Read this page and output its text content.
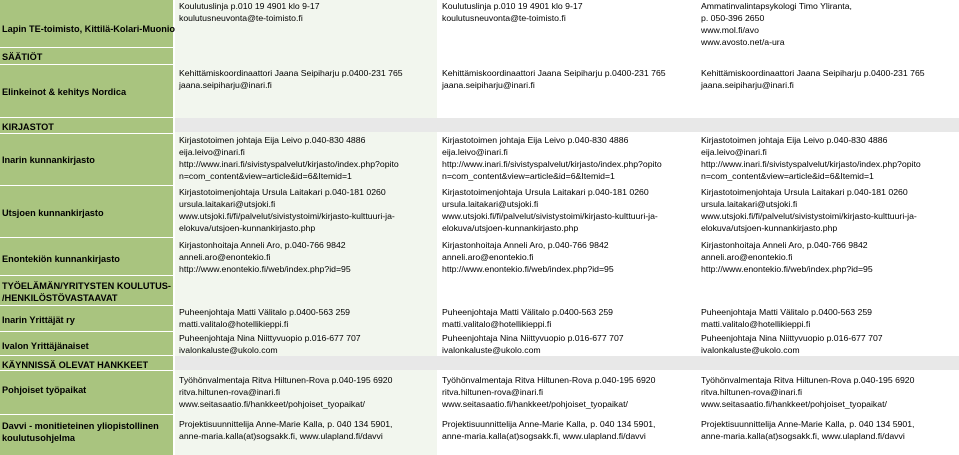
Lapin TE-toimisto, Kittilä-Kolari-Muonio
SÄÄTIÖT
Elinkeinot & kehitys Nordica
KIRJASTOT
Inarin kunnankirjasto
Utsjoen kunnankirjasto
Enontekiön kunnankirjasto
TYÖELÄMÄN/YRITYSTEN KOULUTUS-
/HENKILÖSTÖVASTAAVAT
Inarin Yrittäjät ry
Ivalon Yrittäjänaiset
KÄYNNISSÄ OLEVAT HANKKEET
Pohjoiset työpaikat
Davvi - monitieteinen yliopistollinen
koulutusohjelma
Koulutuslinja p.010 19 4901 klo 9-17
koulutusneuvonta@te-toimisto.fi
Kehittämiskoordinaattori Jaana Seipiharju p.0400-231 765
jaana.seipiharju@inari.fi
Kirjastotoimen johtaja Eija Leivo p.040-830 4886
eija.leivo@inari.fi
http://www.inari.fi/sivistyspalvelut/kirjasto/index.php?opito
n=com_content&view=article&id=6&Itemid=1
Kirjastotoimenjohtaja Ursula Laitakari p.040-181 0260
ursula.laitakari@utsjoki.fi
www.utsjoki.fi/fi/palvelut/sivistystoimi/kirjasto-kulttuuri-ja-
elokuva/utsjoen-kunnankirjasto.php
Kirjastonhoitaja Anneli Aro, p.040-766 9842
anneli.aro@enontekio.fi
http://www.enontekio.fi/web/index.php?id=95
Puheenjohtaja Matti Välitalo p.0400-563 259
matti.valitalo@hotellikieppi.fi
Puheenjohtaja Nina Niittyvuopio p.016-677 707
ivalonkaluste@ukolo.com
Työhönvalmentaja Ritva Hiltunen-Rova p.040-195 6920
ritva.hiltunen-rova@inari.fi
www.seitasaatio.fi/hankkeet/pohjoiset_tyopaikat/
Projektisuunnittelija Anne-Marie Kalla, p. 040 134 5901,
anne-maria.kalla(at)sogsakk.fi, www.ulapland.fi/davvi
Koulutuslinja p.010 19 4901 klo 9-17
koulutusneuvonta@te-toimisto.fi
Kehittämiskoordinaattori Jaana Seipiharju p.0400-231 765
jaana.seipiharju@inari.fi
Kirjastotoimen johtaja Eija Leivo p.040-830 4886
eija.leivo@inari.fi
http://www.inari.fi/sivistyspalvelut/kirjasto/index.php?opito
n=com_content&view=article&id=6&Itemid=1
Kirjastotoimenjohtaja Ursula Laitakari p.040-181 0260
ursula.laitakari@utsjoki.fi
www.utsjoki.fi/fi/palvelut/sivistystoimi/kirjasto-kulttuuri-ja-
elokuva/utsjoen-kunnankirjasto.php
Kirjastonhoitaja Anneli Aro, p.040-766 9842
anneli.aro@enontekio.fi
http://www.enontekio.fi/web/index.php?id=95
Puheenjohtaja Matti Välitalo p.0400-563 259
matti.valitalo@hotellikieppi.fi
Puheenjohtaja Nina Niittyvuopio p.016-677 707
ivalonkaluste@ukolo.com
Työhönvalmentaja Ritva Hiltunen-Rova p.040-195 6920
ritva.hiltunen-rova@inari.fi
www.seitasaatio.fi/hankkeet/pohjoiset_tyopaikat/
Projektisuunnittelija Anne-Marie Kalla, p. 040 134 5901,
anne-maria.kalla(at)sogsakk.fi, www.ulapland.fi/davvi
Ammatinvalintapsykologi Timo Yliranta,
p. 050-396 2650
www.mol.fi/avo
www.avosto.net/a-ura
Kehittämiskoordinaattori Jaana Seipiharju p.0400-231 765
jaana.seipiharju@inari.fi
Kirjastotoimen johtaja Eija Leivo p.040-830 4886
eija.leivo@inari.fi
http://www.inari.fi/sivistyspalvelut/kirjasto/index.php?opito
n=com_content&view=article&id=6&Itemid=1
Kirjastotoimenjohtaja Ursula Laitakari p.040-181 0260
ursula.laitakari@utsjoki.fi
www.utsjoki.fi/fi/palvelut/sivistystoimi/kirjasto-kulttuuri-ja-
elokuva/utsjoen-kunnankirjasto.php
Kirjastonhoitaja Anneli Aro, p.040-766 9842
anneli.aro@enontekio.fi
http://www.enontekio.fi/web/index.php?id=95
Puheenjohtaja Matti Välitalo p.0400-563 259
matti.valitalo@hotellikieppi.fi
Puheenjohtaja Nina Niittyvuopio p.016-677 707
ivalonkaluste@ukolo.com
Työhönvalmentaja Ritva Hiltunen-Rova p.040-195 6920
ritva.hiltunen-rova@inari.fi
www.seitasaatio.fi/hankkeet/pohjoiset_tyopaikat/
Projektisuunnittelija Anne-Marie Kalla, p. 040 134 5901,
anne-maria.kalla(at)sogsakk.fi, www.ulapland.fi/davvi
